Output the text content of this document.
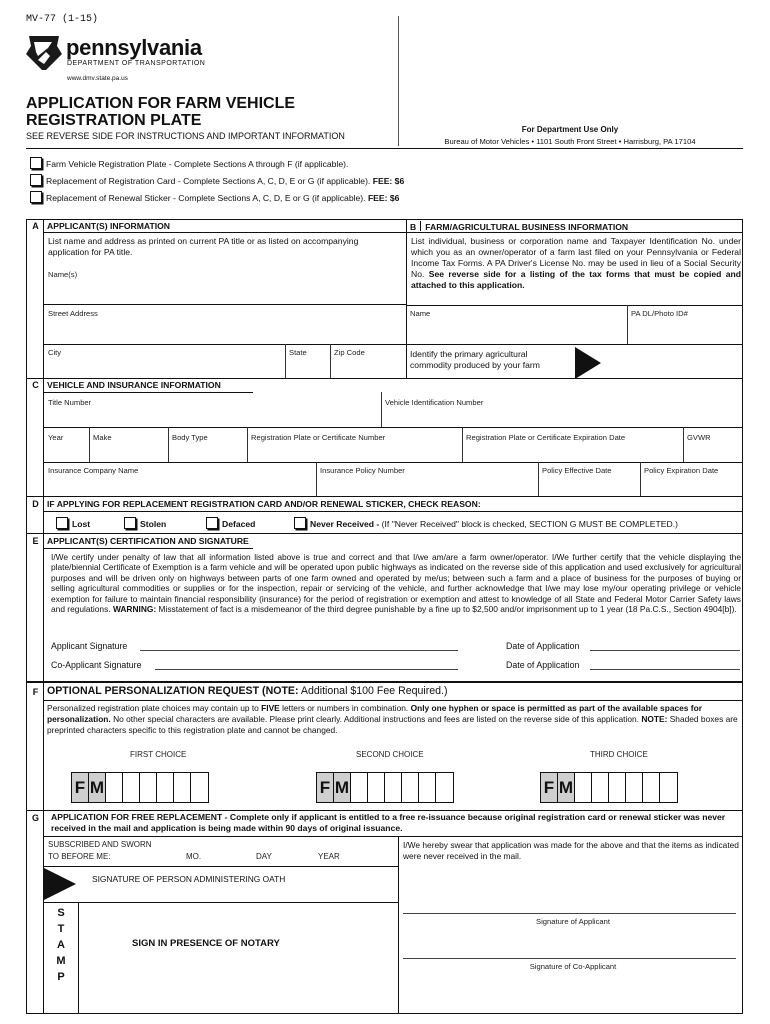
MV-77 (1-15)
pennsylvania
DEPARTMENT OF TRANSPORTATION
www.dmv.state.pa.us
APPLICATION FOR FARM VEHICLE
REGISTRATION PLATE
SEE REVERSE SIDE FOR INSTRUCTIONS AND IMPORTANT INFORMATION
For Department Use Only
Bureau of Motor Vehicles • 1101 South Front Street • Harrisburg, PA 17104
Farm Vehicle Registration Plate - Complete Sections A through F (if applicable).
Replacement of Registration Card - Complete Sections A, C, D, E or G (if applicable). FEE: $6
Replacement of Renewal Sticker - Complete Sections A, C, D, E or G (if applicable). FEE: $6
A APPLICANT(S) INFORMATION	B FARM/AGRICULTURAL BUSINESS INFORMATION
List name and address as printed on current PA title or as listed on accompanying application for PA title.
Name(s)
Street Address
City	State	Zip Code
List individual, business or corporation name and Taxpayer Identification No. under which you as an owner/operator of a farm last filed on your Pennsylvania or Federal Income Tax Forms. A PA Driver's License No. may be used in lieu of a Social Security No. See reverse side for a listing of the tax forms that must be copied and attached to this application.
Name	PA DL/Photo ID#
Identify the primary agricultural commodity produced by your farm
C VEHICLE AND INSURANCE INFORMATION
Title Number	Vehicle Identification Number
Year	Make	Body Type	Registration Plate or Certificate Number	Registration Plate or Certificate Expiration Date	GVWR
Insurance Company Name	Insurance Policy Number	Policy Effective Date	Policy Expiration Date
D IF APPLYING FOR REPLACEMENT REGISTRATION CARD AND/OR RENEWAL STICKER, CHECK REASON:
Lost	Stolen	Defaced	Never Received - (If "Never Received" block is checked, SECTION G MUST BE COMPLETED.)
E APPLICANT(S) CERTIFICATION AND SIGNATURE
I/We certify under penalty of law that all information listed above is true and correct and that I/we am/are a farm owner/operator. I/We further certify that the vehicle displaying the plate/biennial Certificate of Exemption is a farm vehicle and will be operated upon public highways as indicated on the reverse side of this application and used exclusively for agricultural purposes and will be driven only on highways between parts of one farm owned and operated by me/us; between such a farm and a place of business for the purposes of buying or selling agricultural commodities or supplies or for the inspection, repair or servicing of the vehicle, and further acknowledge that I/we may lose my/our operating privilege or vehicle exemption for failure to maintain financial responsibility (insurance) for the period of registration or exemption and attest to knowledge of all State and Federal Motor Carrier Safety laws and regulations. WARNING: Misstatement of fact is a misdemeanor of the third degree punishable by a fine up to $2,500 and/or imprisonment up to 1 year (18 Pa.C.S., Section 4904[b]).
Applicant Signature	Date of Application
Co-Applicant Signature	Date of Application
F OPTIONAL PERSONALIZATION REQUEST (NOTE: Additional $100 Fee Required.)
Personalized registration plate choices may contain up to FIVE letters or numbers in combination. Only one hyphen or space is permitted as part of the available spaces for personalization. No other special characters are available. Please print clearly. Additional instructions and fees are listed on the reverse side of this application. NOTE: Shaded boxes are preprinted characters specific to this registration plate and cannot be changed.
FIRST CHOICE	SECOND CHOICE	THIRD CHOICE
F M	F M	F M
G	APPLICATION FOR FREE REPLACEMENT - Complete only if applicant is entitled to a free re-issuance because original registration card or renewal sticker was never received in the mail and application is being made within 90 days of original issuance.
SUBSCRIBED AND SWORN
TO BEFORE ME:	MO.	DAY	YEAR
SIGNATURE OF PERSON ADMINISTERING OATH
S
T
A
M
P
SIGN IN PRESENCE OF NOTARY
I/We hereby swear that application was made for the above and that the items as indicated were never received in the mail.
Signature of Applicant
Signature of Co-Applicant
